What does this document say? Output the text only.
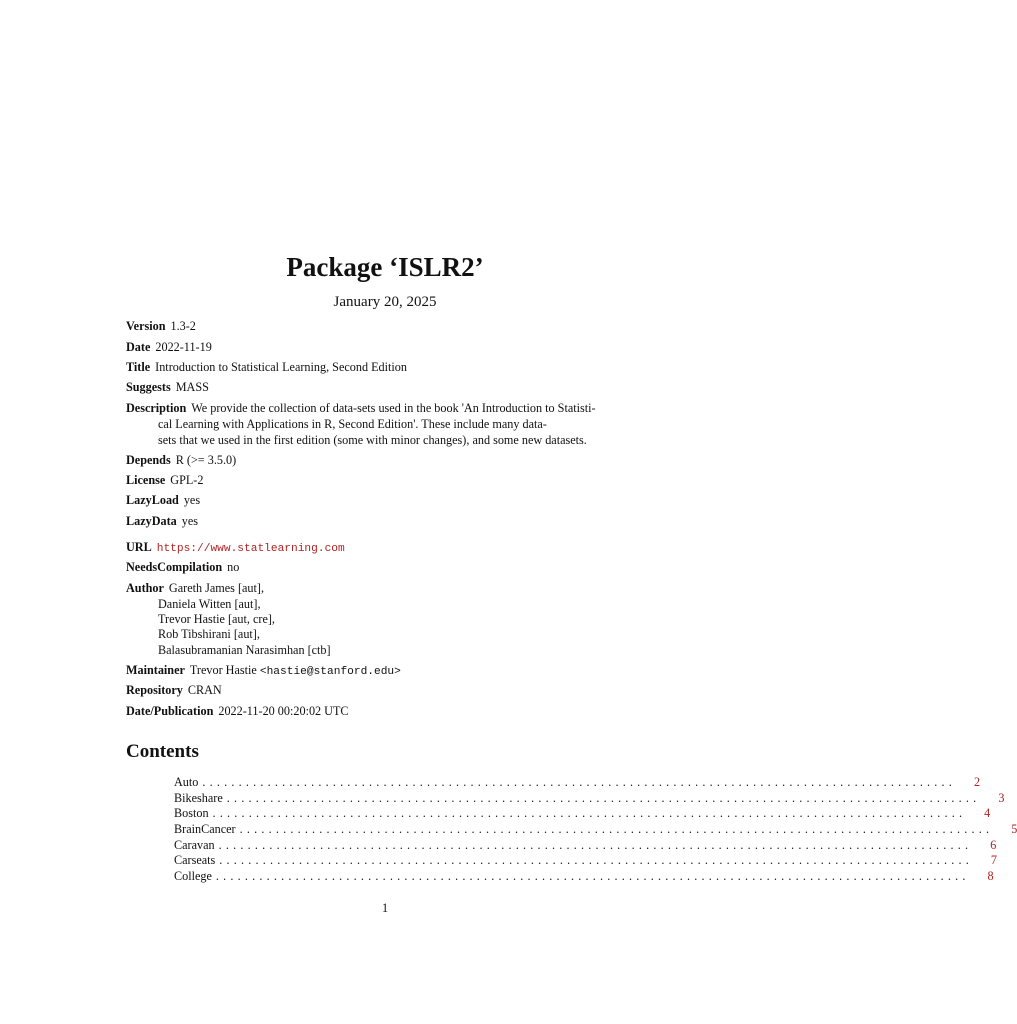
Package ‘ISLR2’
January 20, 2025
Version 1.3-2
Date 2022-11-19
Title Introduction to Statistical Learning, Second Edition
Suggests MASS
Description We provide the collection of data-sets used in the book 'An Introduction to Statisti-
cal Learning with Applications in R, Second Edition'. These include many data-
sets that we used in the first edition (some with minor changes), and some new datasets.
Depends R (>= 3.5.0)
License GPL-2
LazyLoad yes
LazyData yes
URL https://www.statlearning.com
NeedsCompilation no
Author Gareth James [aut],
Daniela Witten [aut],
Trevor Hastie [aut, cre],
Rob Tibshirani [aut],
Balasubramanian Narasimhan [ctb]
Maintainer Trevor Hastie <hastie@stanford.edu>
Repository CRAN
Date/Publication 2022-11-20 00:20:02 UTC
Contents
Auto ........................................................................................................	2
Bikeshare ........................................................................................................	3
Boston ........................................................................................................	4
BrainCancer ........................................................................................................	5
Caravan ........................................................................................................	6
Carseats ........................................................................................................	7
College ........................................................................................................	8
1
